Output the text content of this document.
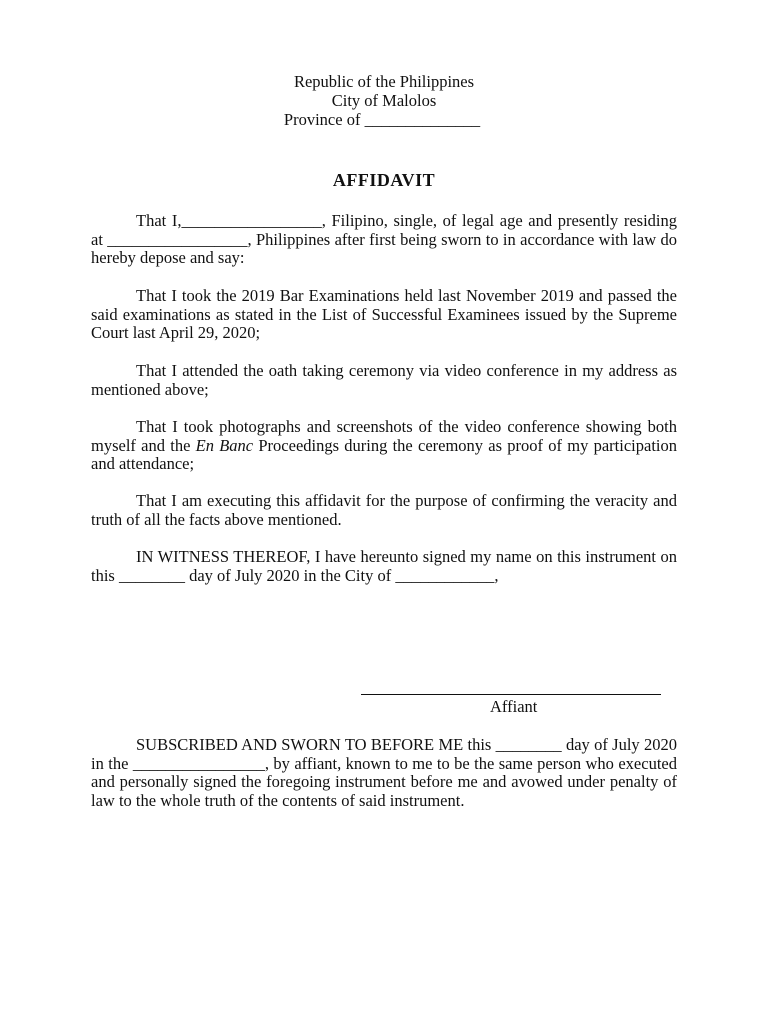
Republic of the Philippines
City of Malolos
Province of ______________
AFFIDAVIT

That I,_________________, Filipino, single, of legal age and presently residing at _________________, Philippines after first being sworn to in accordance with law do hereby depose and say:

That I took the 2019 Bar Examinations held last November 2019 and passed the said examinations as stated in the List of Successful Examinees issued by the Supreme Court last April 29, 2020;

That I attended the oath taking ceremony via video conference in my address as mentioned above;

That I took photographs and screenshots of the video conference showing both myself and the En Banc Proceedings during the ceremony as proof of my participation and attendance;

That I am executing this affidavit for the purpose of confirming the veracity and truth of all the facts above mentioned.

IN WITNESS THEREOF, I have hereunto signed my name on this instrument on this ________ day of July 2020 in the City of ____________,

Affiant

SUBSCRIBED AND SWORN TO BEFORE ME this ________ day of July 2020 in the ________________, by affiant, known to me to be the same person who executed and personally signed the foregoing instrument before me and avowed under penalty of law to the whole truth of the contents of said instrument.
